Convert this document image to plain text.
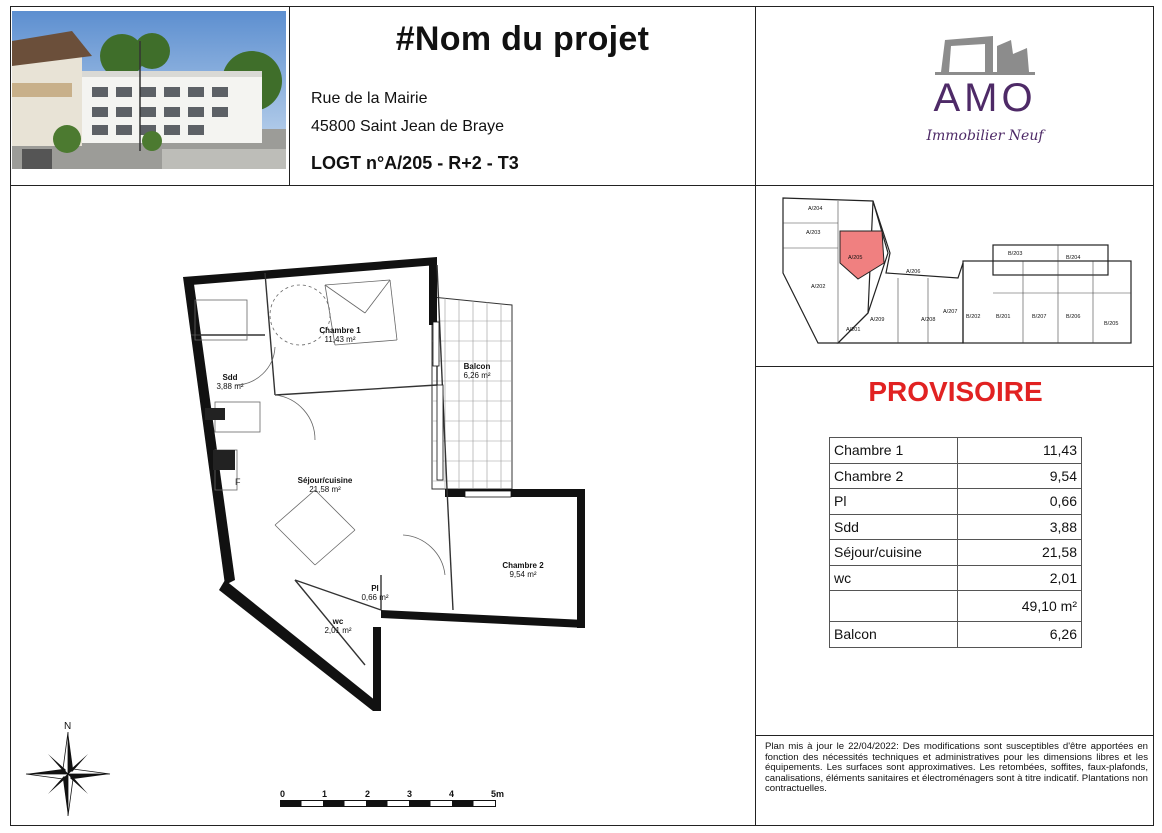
#Nom du projet
Rue de la Mairie
45800 Saint Jean de Braye
LOGT n°A/205 - R+2 - T3
AMO
Immobilier Neuf
F
Chambre 1
11,43 m²
Sdd
3,88 m²
Balcon
6,26 m²
Séjour/cuisine
21,58 m²
Chambre 2
9,54 m²
Pl
0,66 m²
wc
2,01 m²
A/204
A/203
A/205
A/206
A/202
A/207
A/201
A/209	A/208	B/202	B/201
B/203
B/204
B/207	B/206
B/205
PROVISOIRE
Chambre 1	11,43
Chambre 2	9,54
Pl	0,66
Sdd	3,88
Séjour/cuisine	21,58
wc	2,01
	49,10 m²
Balcon	6,26
N
0	1	2	3	4	5m
Plan mis à jour le 22/04/2022: Des modifications sont susceptibles d'être apportées en fonction des nécessités techniques et administratives pour les dimensions libres et les équipements. Les surfaces sont approximatives. Les retombées, soffites, faux-plafonds, canalisations, éléments sanitaires et électroménagers sont à titre indicatif. Plantations non contractuelles.
